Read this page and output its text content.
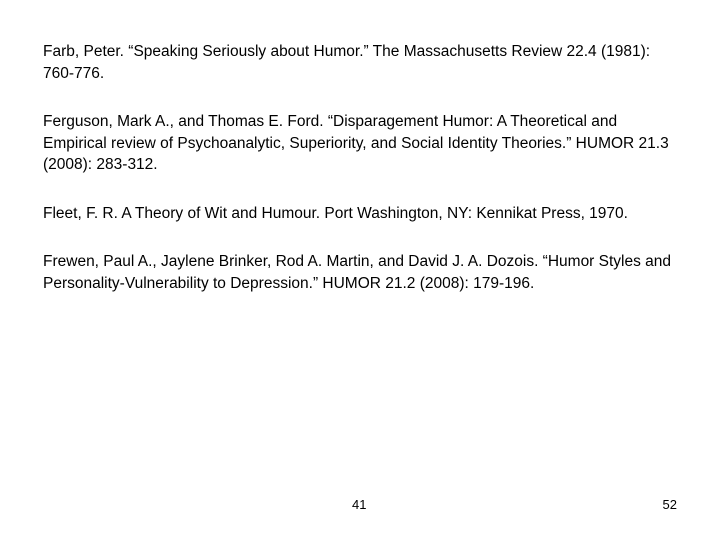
Farb, Peter. “Speaking Seriously about Humor.” The Massachusetts Review 22.4 (1981): 760-776.

Ferguson, Mark A., and Thomas E. Ford. “Disparagement Humor: A Theoretical and Empirical review of Psychoanalytic, Superiority, and Social Identity Theories.” HUMOR 21.3 (2008): 283-312.

Fleet, F. R. A Theory of Wit and Humour. Port Washington, NY: Kennikat Press, 1970.

Frewen, Paul A., Jaylene Brinker, Rod A. Martin, and David J. A. Dozois. “Humor Styles and Personality-Vulnerability to Depression.” HUMOR 21.2 (2008): 179-196.

41	52
